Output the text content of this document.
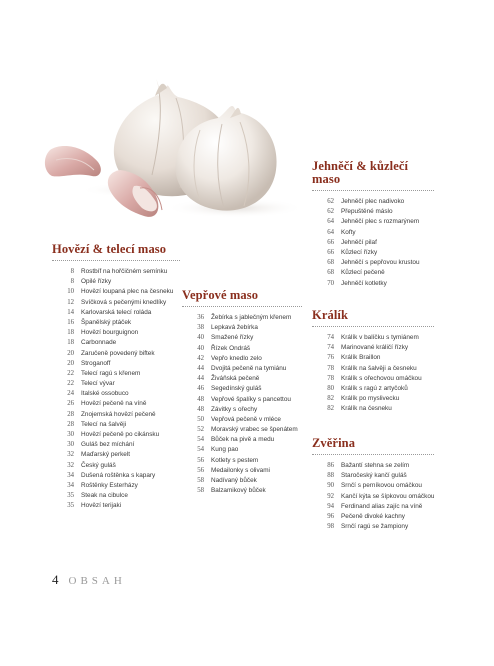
Hovězí & telecí maso
8 Rostbíf na hořčičném semínku
8 Opilé řízky
10 Hovězí loupaná plec na česneku
12 Svíčková s pečenými knedlíky
14 Karlovarská telecí roláda
16 Španělský ptáček
18 Hovězí bourguignon
18 Carbonnade
20 Zaručeně povedený biftek
20 Stroganoff
22 Telecí ragú s křenem
22 Telecí vývar
24 Italské ossobuco
26 Hovězí pečeně na víně
28 Znojemská hovězí pečeně
28 Telecí na šalvěji
30 Hovězí pečeně po cikánsku
30 Guláš bez míchání
32 Maďarský perkelt
32 Český guláš
34 Dušená roštěnka s kapary
34 Roštěnky Esterházy
35 Steak na cibulce
35 Hovězí terijaki
Vepřové maso
36 Žebírka s jablečným křenem
38 Lepkavá žebírka
40 Smažené řízky
40 Řízek Ondráš
42 Vepřo knedlo zelo
44 Dvojitá pečeně na tymiánu
44 Živáňská pečeně
46 Segedínský guláš
48 Vepřové špalíky s pancettou
48 Závitky s ořechy
50 Vepřová pečeně v mléce
52 Moravský vrabec se špenátem
54 Bůček na pivě a medu
54 Kung pao
56 Kotlety s pestem
56 Medailonky s olivami
58 Nadívaný bůček
58 Balzamikový bůček
Jehněčí & kůzlečí maso
62 Jehněčí plec nadivoko
62 Přepuštěné máslo
64 Jehněčí plec s rozmarýnem
64 Kofty
66 Jehněčí pilaf
66 Kůzlecí řízky
68 Jehněčí s pepřovou krustou
68 Kůzlecí pečeně
70 Jehněčí kotletky
Králík
74 Králík v balíčku s tymiánem
74 Marinované králičí řízky
76 Králík Braillon
78 Králík na šalvěji a česneku
78 Králík s ořechovou omáčkou
80 Králík s ragú z artyčoků
82 Králík po myslivecku
82 Králík na česneku
Zvěřina
86 Bažantí stehna se zelím
88 Staročeský kančí guláš
90 Srnčí s perníkovou omáčkou
92 Kančí kýta se šípkovou omáčkou
94 Ferdinand alias zajíc na víně
96 Pečeně divoké kachny
98 Srnčí ragú se žampiony
4 OBSAH
